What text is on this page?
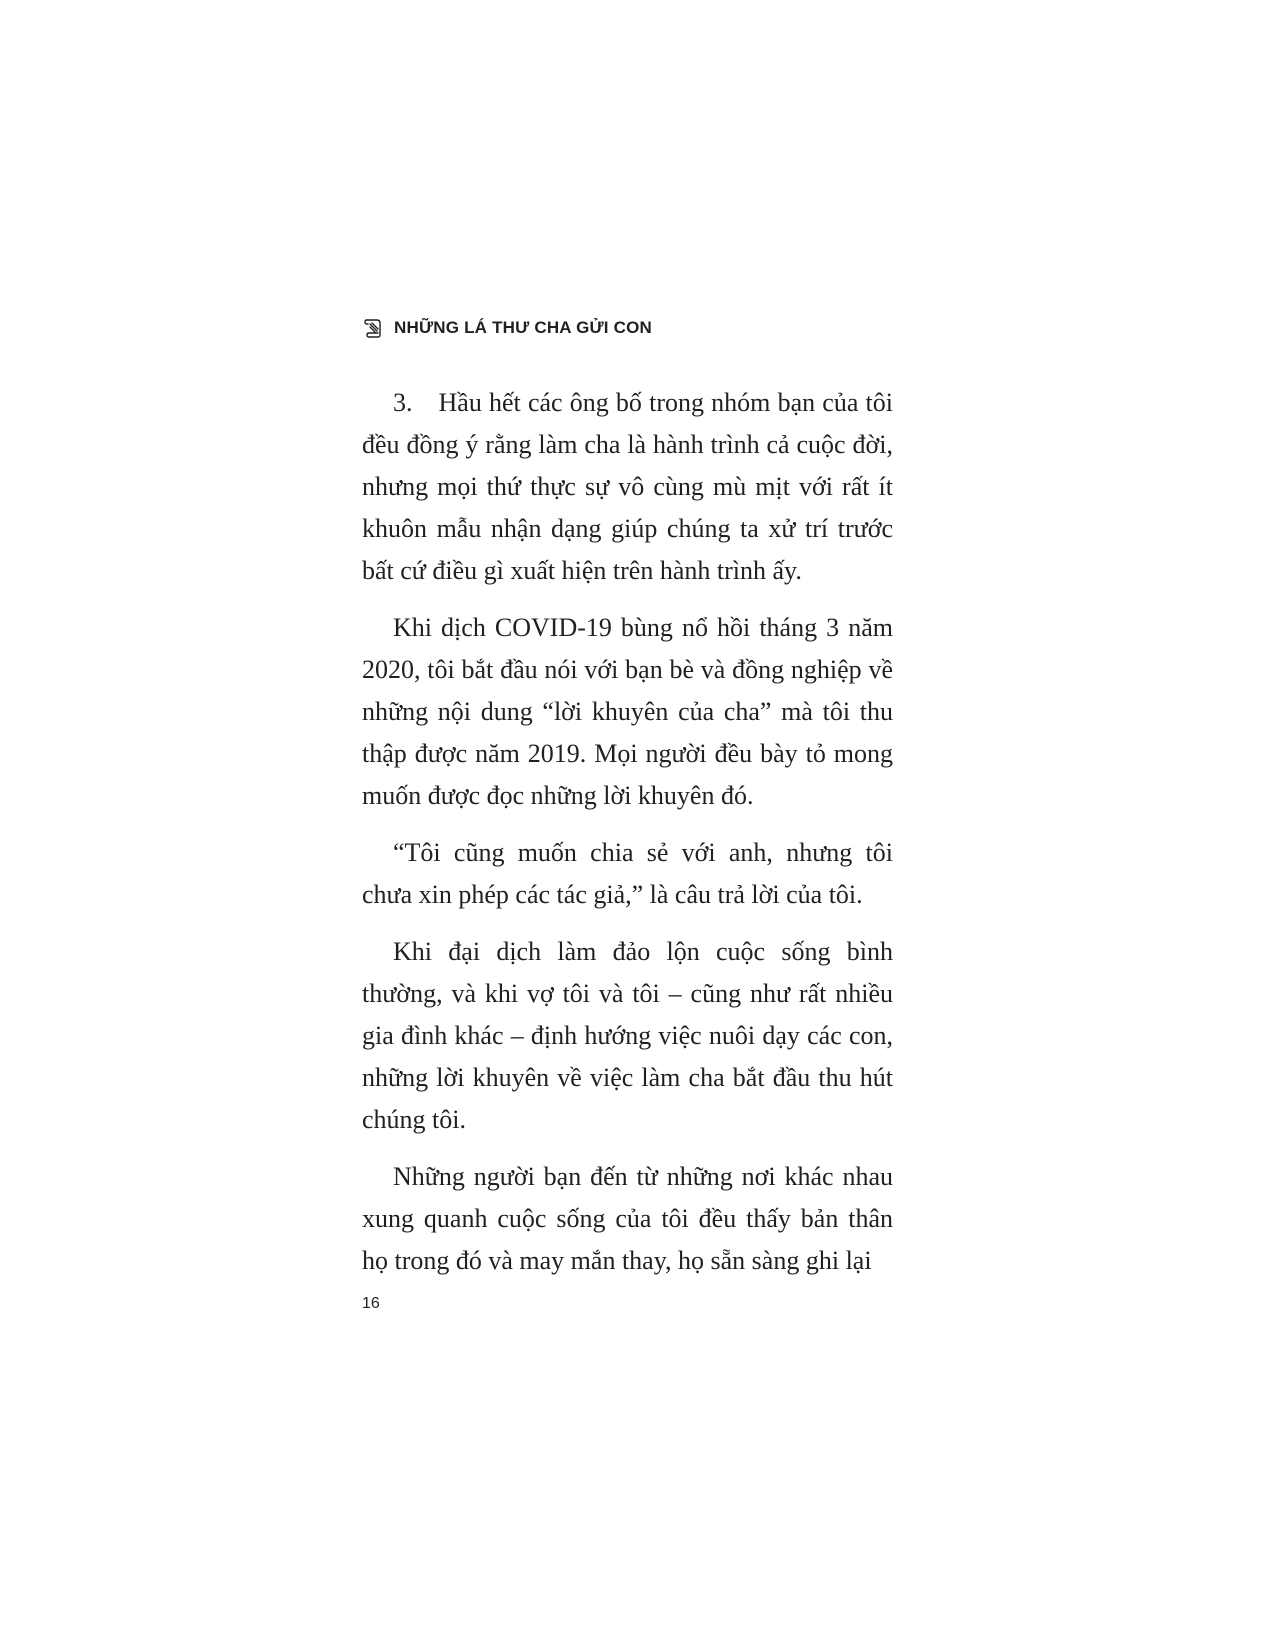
NHỮNG LÁ THƯ CHA GỬI CON

3. Hầu hết các ông bố trong nhóm bạn của tôi đều đồng ý rằng làm cha là hành trình cả cuộc đời, nhưng mọi thứ thực sự vô cùng mù mịt với rất ít khuôn mẫu nhận dạng giúp chúng ta xử trí trước bất cứ điều gì xuất hiện trên hành trình ấy.

Khi dịch COVID-19 bùng nổ hồi tháng 3 năm 2020, tôi bắt đầu nói với bạn bè và đồng nghiệp về những nội dung “lời khuyên của cha” mà tôi thu thập được năm 2019. Mọi người đều bày tỏ mong muốn được đọc những lời khuyên đó.

“Tôi cũng muốn chia sẻ với anh, nhưng tôi chưa xin phép các tác giả,” là câu trả lời của tôi.

Khi đại dịch làm đảo lộn cuộc sống bình thường, và khi vợ tôi và tôi – cũng như rất nhiều gia đình khác – định hướng việc nuôi dạy các con, những lời khuyên về việc làm cha bắt đầu thu hút chúng tôi.

Những người bạn đến từ những nơi khác nhau xung quanh cuộc sống của tôi đều thấy bản thân họ trong đó và may mắn thay, họ sẵn sàng ghi lại

16
